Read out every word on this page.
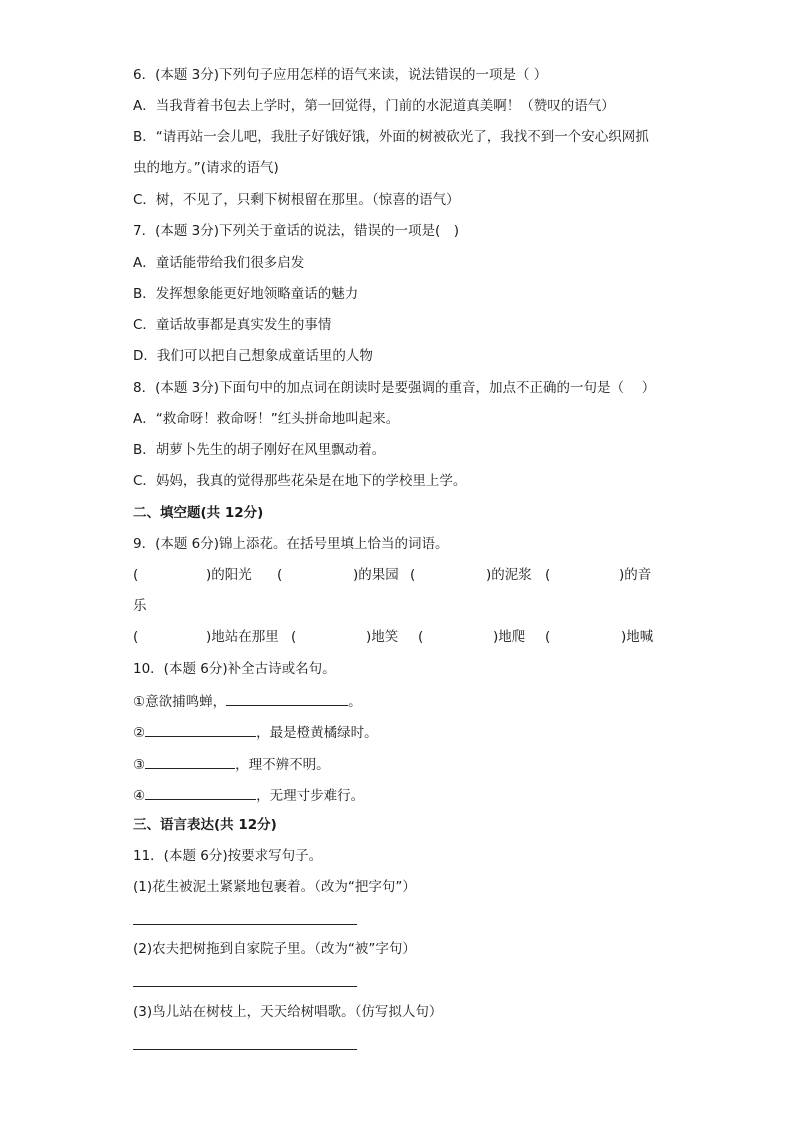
6．(本题 3分)下列句子应用怎样的语气来读，说法错误的一项是（ ）
A．当我背着书包去上学时，第一回觉得，门前的水泥道真美啊！（赞叹的语气）
B．“请再站一会儿吧，我肚子好饿好饿，外面的树被砍光了，我找不到一个安心织网抓
虫的地方。”(请求的语气)
C．树，不见了，只剩下树根留在那里。（惊喜的语气）
7．(本题 3分)下列关于童话的说法，错误的一项是(　)
A．童话能带给我们很多启发
B．发挥想象能更好地领略童话的魅力
C．童话故事都是真实发生的事情
D．我们可以把自己想象成童话里的人物
8．(本题 3分)下面句中的加点词在朗读时是要强调的重音，加点不正确的一句是（　 ）
A．“救命呀！救命呀！”红头拼命地叫起来。
B．胡萝卜先生的胡子刚好在风里飘动着。
C．妈妈，我真的觉得那些花朵是在地下的学校里上学。
二、填空题(共 12分)
9．(本题 6分)锦上添花。在括号里填上恰当的词语。
(	)的阳光 (	)的果园 (	)的泥浆 (	)的音
乐
(	)地站在那里 (	)地笑 (	)地爬 (	)地喊
10．(本题 6分)补全古诗或名句。
①意欲捕鸣蝉，	。
②	，最是橙黄橘绿时。
③	，理不辨不明。
④	，无理寸步难行。
三、语言表达(共 12分)
11．(本题 6分)按要求写句子。
(1)花生被泥土紧紧地包裹着。（改为“把字句”）
(2)农夫把树拖到自家院子里。（改为“被”字句）
(3)鸟儿站在树枝上，天天给树唱歌。（仿写拟人句）
